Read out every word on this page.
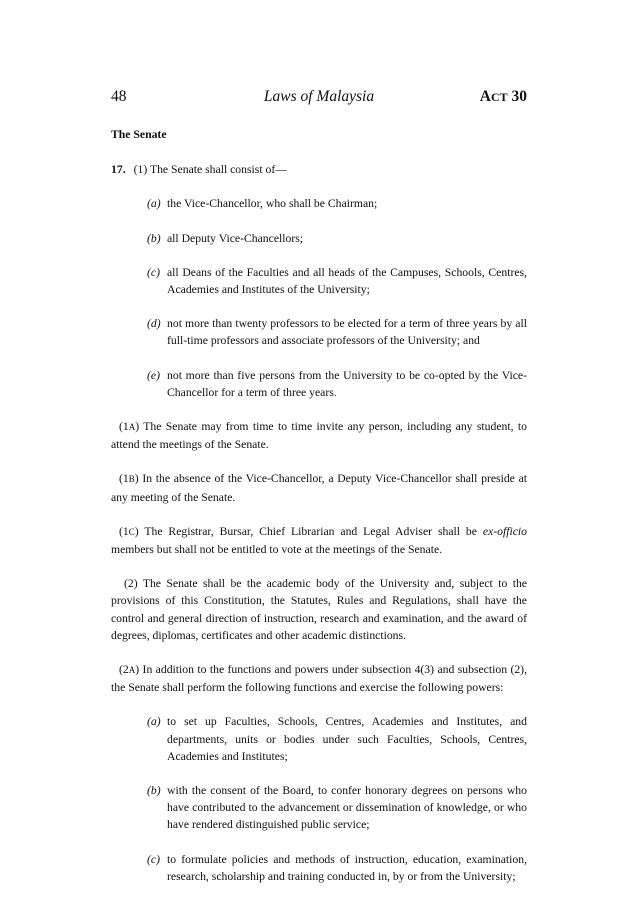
48	Laws of Malaysia	ACT 30
The Senate

17. (1) The Senate shall consist of—

(a) the Vice-Chancellor, who shall be Chairman;
(b) all Deputy Vice-Chancellors;
(c) all Deans of the Faculties and all heads of the Campuses, Schools, Centres, Academies and Institutes of the University;
(d) not more than twenty professors to be elected for a term of three years by all full-time professors and associate professors of the University; and
(e) not more than five persons from the University to be co-opted by the Vice-Chancellor for a term of three years.

(1A) The Senate may from time to time invite any person, including any student, to attend the meetings of the Senate.

(1B) In the absence of the Vice-Chancellor, a Deputy Vice-Chancellor shall preside at any meeting of the Senate.

(1C) The Registrar, Bursar, Chief Librarian and Legal Adviser shall be ex-officio members but shall not be entitled to vote at the meetings of the Senate.

(2) The Senate shall be the academic body of the University and, subject to the provisions of this Constitution, the Statutes, Rules and Regulations, shall have the control and general direction of instruction, research and examination, and the award of degrees, diplomas, certificates and other academic distinctions.

(2A) In addition to the functions and powers under subsection 4(3) and subsection (2), the Senate shall perform the following functions and exercise the following powers:

(a) to set up Faculties, Schools, Centres, Academies and Institutes, and departments, units or bodies under such Faculties, Schools, Centres, Academies and Institutes;
(b) with the consent of the Board, to confer honorary degrees on persons who have contributed to the advancement or dissemination of knowledge, or who have rendered distinguished public service;
(c) to formulate policies and methods of instruction, education, examination, research, scholarship and training conducted in, by or from the University;
